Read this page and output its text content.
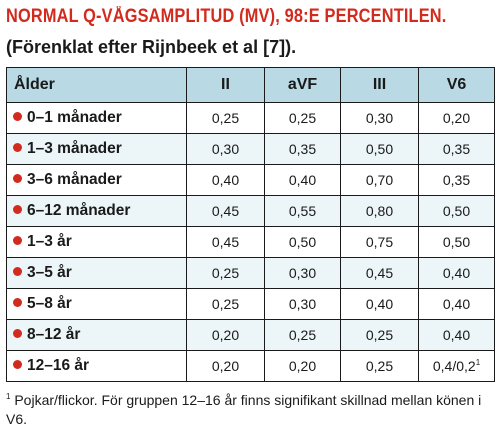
NORMAL Q-VÅGSAMPLITUD (MV), 98:E PERCENTILEN.
(Förenklat efter Rijnbeek et al [7]).
Ålder	II	aVF	III	V6
0–1 månader	0,25	0,25	0,30	0,20
1–3 månader	0,30	0,35	0,50	0,35
3–6 månader	0,40	0,40	0,70	0,35
6–12 månader	0,45	0,55	0,80	0,50
1–3 år	0,45	0,50	0,75	0,50
3–5 år	0,25	0,30	0,45	0,40
5–8 år	0,25	0,30	0,40	0,40
8–12 år	0,20	0,25	0,25	0,40
12–16 år	0,20	0,20	0,25	0,4/0,2$^1$
$^1$ Pojkar/flickor. För gruppen 12–16 år finns signifikant skillnad mellan könen i V6.
